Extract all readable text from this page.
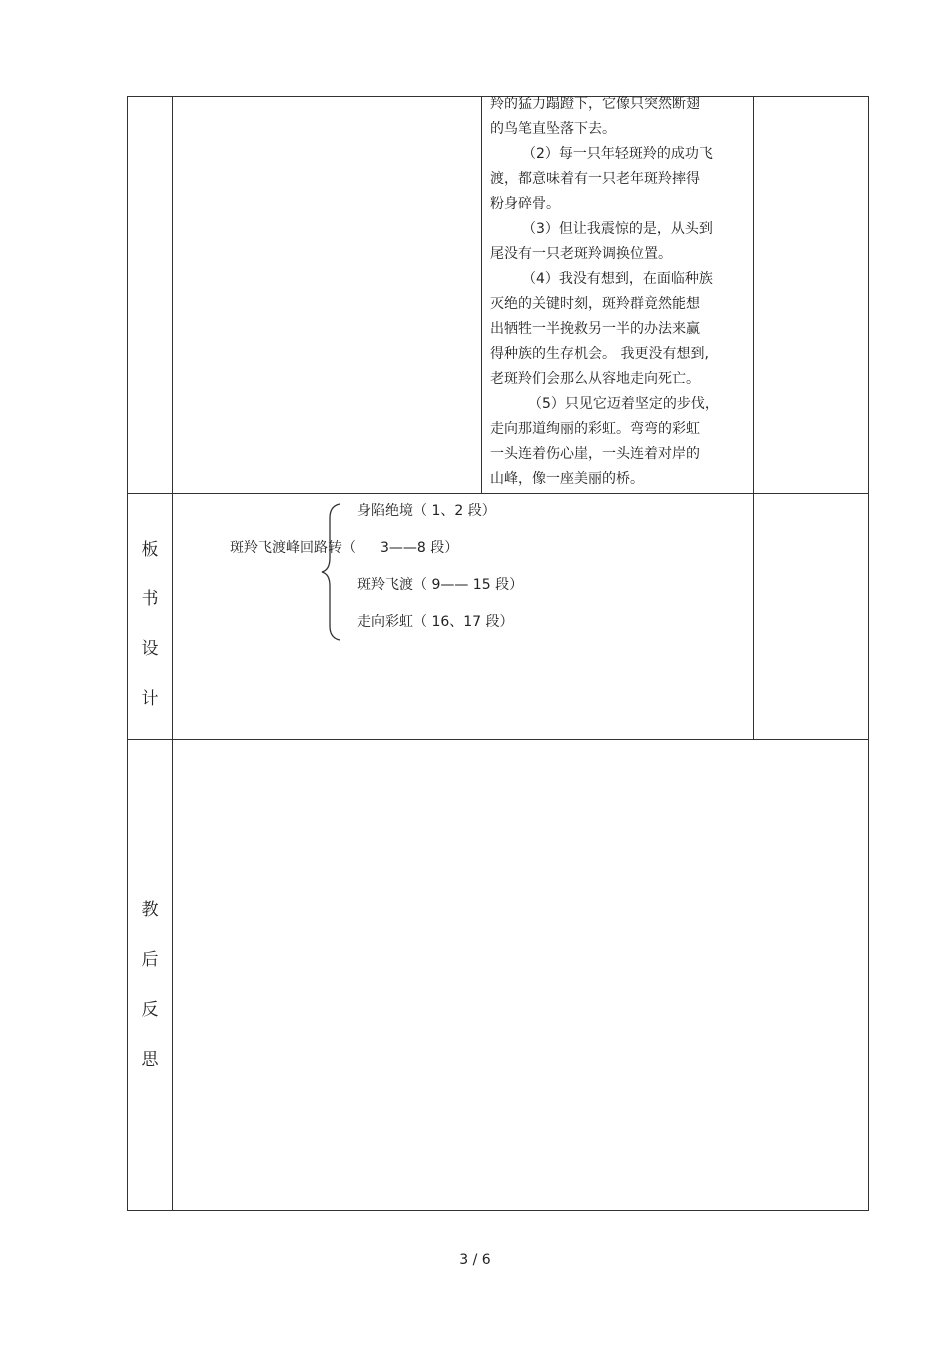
羚的猛力蹋蹬下，它像只突然断翅
的鸟笔直坠落下去。
（2）每一只年轻斑羚的成功飞
渡，都意味着有一只老年斑羚摔得
粉身碎骨。
（3）但让我震惊的是，从头到
尾没有一只老斑羚调换位置。
（4）我没有想到，在面临种族
灭绝的关键时刻，斑羚群竟然能想
出牺牲一半挽救另一半的办法来赢
得种族的生存机会。 我更没有想到,
老斑羚们会那么从容地走向死亡。
（5）只见它迈着坚定的步伐，
走向那道绚丽的彩虹。弯弯的彩虹
一头连着伤心崖，一头连着对岸的
山峰，像一座美丽的桥。
板
书
设
计
斑羚飞渡峰回路转（
身陷绝境（ 1、2 段）
3——8 段）
斑羚飞渡（ 9—— 15 段）
走向彩虹（ 16、17 段）
教
后
反
思
3 / 6
